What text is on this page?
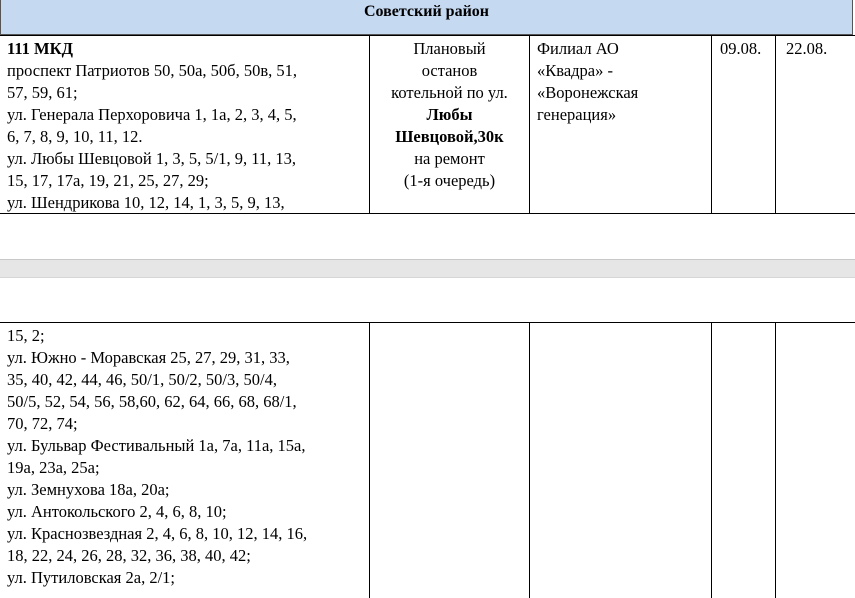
Советский район
111 МКД
проспект Патриотов 50, 50а, 50б, 50в, 51,
57, 59, 61;
ул. Генерала Перхоровича 1, 1а, 2, 3, 4, 5,
6, 7, 8, 9, 10, 11, 12.
ул. Любы Шевцовой 1, 3, 5, 5/1, 9, 11, 13,
15, 17, 17а, 19, 21, 25, 27, 29;
ул. Шендрикова 10, 12, 14, 1, 3, 5, 9, 13,
Плановый
останов
котельной по ул.
Любы
Шевцовой,30к
на ремонт
(1-я очередь)
Филиал АО
«Квадра» -
«Воронежская
генерация»
09.08.	22.08.
15, 2;
ул. Южно - Моравская 25, 27, 29, 31, 33,
35, 40, 42, 44, 46, 50/1, 50/2, 50/3, 50/4,
50/5, 52, 54, 56, 58,60, 62, 64, 66, 68, 68/1,
70, 72, 74;
ул. Бульвар Фестивальный 1а, 7а, 11а, 15а,
19а, 23а, 25а;
ул. Земнухова 18а, 20а;
ул. Антокольского 2, 4, 6, 8, 10;
ул. Краснозвездная 2, 4, 6, 8, 10, 12, 14, 16,
18, 22, 24, 26, 28, 32, 36, 38, 40, 42;
ул. Путиловская 2а, 2/1;
